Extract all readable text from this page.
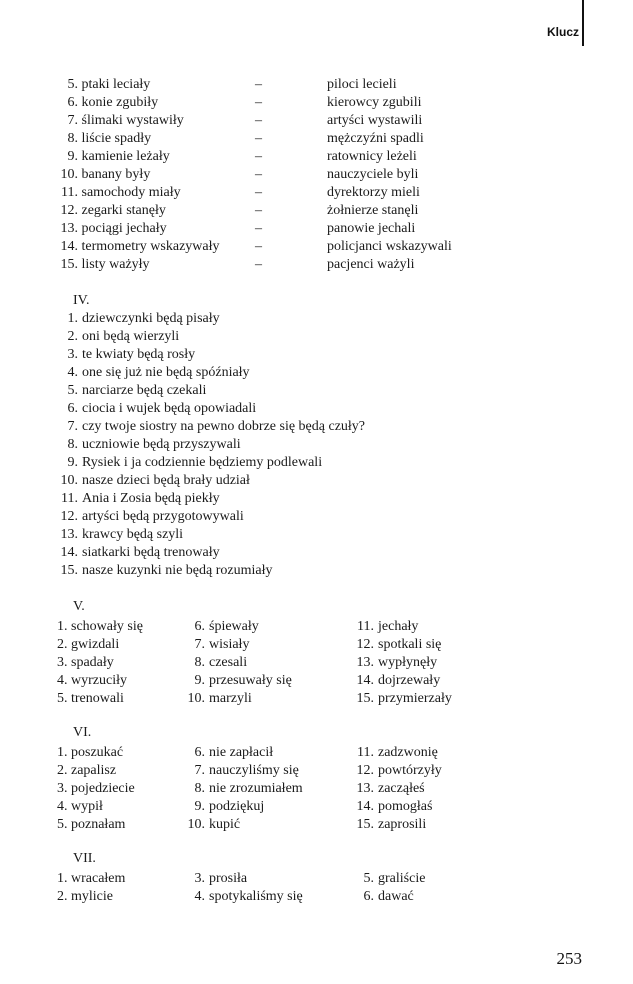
Klucz
5. ptaki leciały	–	piloci lecieli
6. konie zgubiły	–	kierowcy zgubili
7. ślimaki wystawiły	–	artyści wystawili
8. liście spadły	–	mężczyźni spadli
9. kamienie leżały	–	ratownicy leżeli
10. banany były	–	nauczyciele byli
11. samochody miały	–	dyrektorzy mieli
12. zegarki stanęły	–	żołnierze stanęli
13. pociągi jechały	–	panowie jechali
14. termometry wskazywały	–	policjanci wskazywali
15. listy ważyły	–	pacjenci ważyli
IV.
1. dziewczynki będą pisały
2. oni będą wierzyli
3. te kwiaty będą rosły
4. one się już nie będą spóźniały
5. narciarze będą czekali
6. ciocia i wujek będą opowiadali
7. czy twoje siostry na pewno dobrze się będą czuły?
8. uczniowie będą przyszywali
9. Rysiek i ja codziennie będziemy podlewali
10. nasze dzieci będą brały udział
11. Ania i Zosia będą piekły
12. artyści będą przygotowywali
13. krawcy będą szyli
14. siatkarki będą trenowały
15. nasze kuzynki nie będą rozumiały
V.
1. schowały się	6. śpiewały	11. jechały
2. gwizdali	7. wisiały	12. spotkali się
3. spadały	8. czesali	13. wypłynęły
4. wyrzuciły	9. przesuwały się	14. dojrzewały
5. trenowali	10. marzyli	15. przymierzały
VI.
1. poszukać	6. nie zapłacił	11. zadzwonię
2. zapalisz	7. nauczyliśmy się	12. powtórzyły
3. pojedziecie	8. nie zrozumiałem	13. zacząłeś
4. wypił	9. podziękuj	14. pomogłaś
5. poznałam	10. kupić	15. zaprosili
VII.
1. wracałem	3. prosiła	5. graliście
2. mylicie	4. spotykaliśmy się	6. dawać
253
